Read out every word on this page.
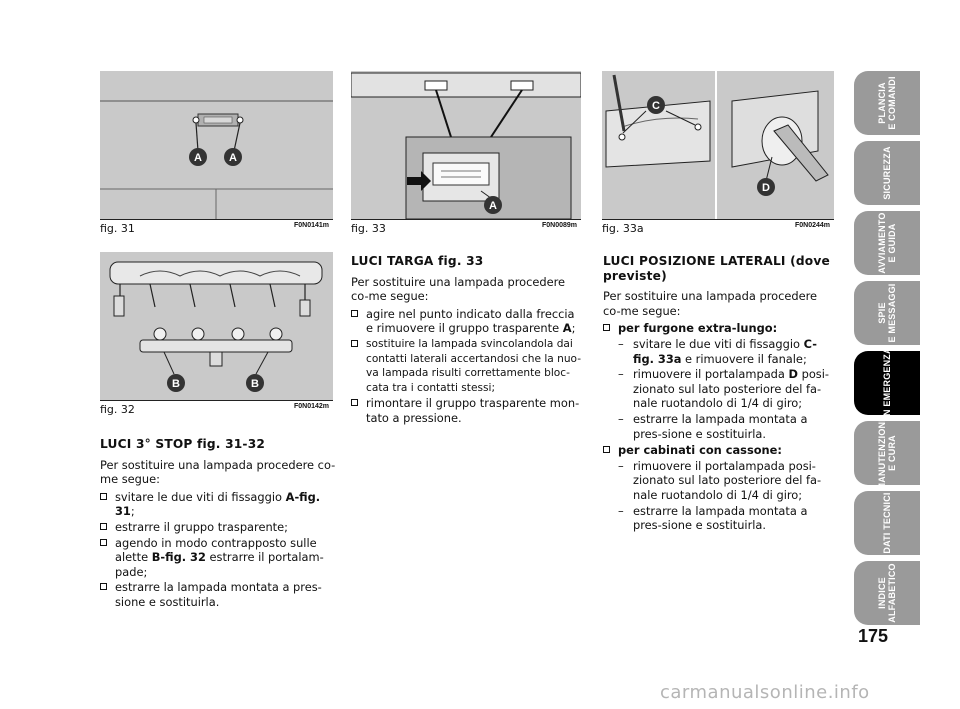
A A
fig. 31	F0N0141m
B	B
fig. 32	F0N0142m
A
fig. 33	F0N0089m
C
D
fig. 33a	F0N0244m
LUCI 3° STOP fig. 31-32

Per sostituire una lampada procedere co-me segue:

svitare le due viti di fissaggio A-fig. 31;
estrarre il gruppo trasparente;
agendo in modo contrapposto sulle alette B-fig. 32 estrarre il portalam-pade;
estrarre la lampada montata a pres-sione e sostituirla.
LUCI TARGA fig. 33

Per sostituire una lampada procedere co-me segue:

agire nel punto indicato dalla freccia e rimuovere il gruppo trasparente A;
sostituire la lampada svincolandola dai contatti laterali accertandosi che la nuo-va lampada risulti correttamente bloc-cata tra i contatti stessi;
rimontare il gruppo trasparente mon-tato a pressione.
LUCI POSIZIONE LATERALI (dove previste)

Per sostituire una lampada procedere co-me segue:

per furgone extra-lungo:
– svitare le due viti di fissaggio C-fig. 33a e rimuovere il fanale;
– rimuovere il portalampada D posi-zionato sul lato posteriore del fa-nale ruotandolo di 1/4 di giro;
– estrarre la lampada montata a pres-sione e sostituirla.
per cabinati con cassone:
– rimuovere il portalampada posi-zionato sul lato posteriore del fa-nale ruotandolo di 1/4 di giro;
– estrarre la lampada montata a pres-sione e sostituirla.
PLANCIA
E COMANDI
SICUREZZA
AVVIAMENTO
E GUIDA
SPIE
E MESSAGGI
IN EMERGENZA
MANUTENZIONE
E CURA
DATI TECNICI
INDICE
ALFABETICO
175
carmanualsonline.info
